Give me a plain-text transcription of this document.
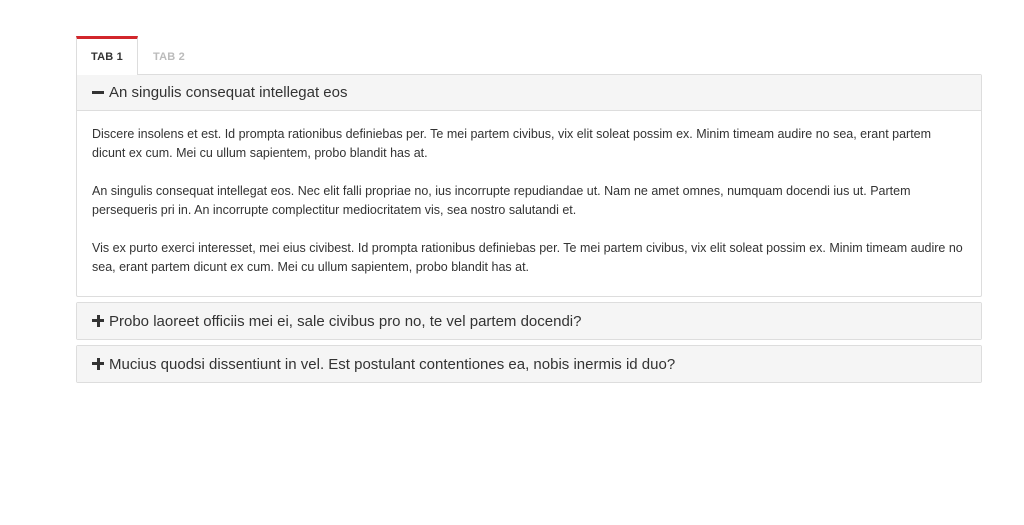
TAB 1	TAB 2
An singulis consequat intellegat eos

Discere insolens et est. Id prompta rationibus definiebas per. Te mei partem civibus, vix elit soleat possim ex. Minim timeam audire no sea, erant partem dicunt ex cum. Mei cu ullum sapientem, probo blandit has at.

An singulis consequat intellegat eos. Nec elit falli propriae no, ius incorrupte repudiandae ut. Nam ne amet omnes, numquam docendi ius ut. Partem persequeris pri in. An incorrupte complectitur mediocritatem vis, sea nostro salutandi et.

Vis ex purto exerci interesset, mei eius civibest. Id prompta rationibus definiebas per. Te mei partem civibus, vix elit soleat possim ex. Minim timeam audire no sea, erant partem dicunt ex cum. Mei cu ullum sapientem, probo blandit has at.

Probo laoreet officiis mei ei, sale civibus pro no, te vel partem docendi?
Mucius quodsi dissentiunt in vel. Est postulant contentiones ea, nobis inermis id duo?
